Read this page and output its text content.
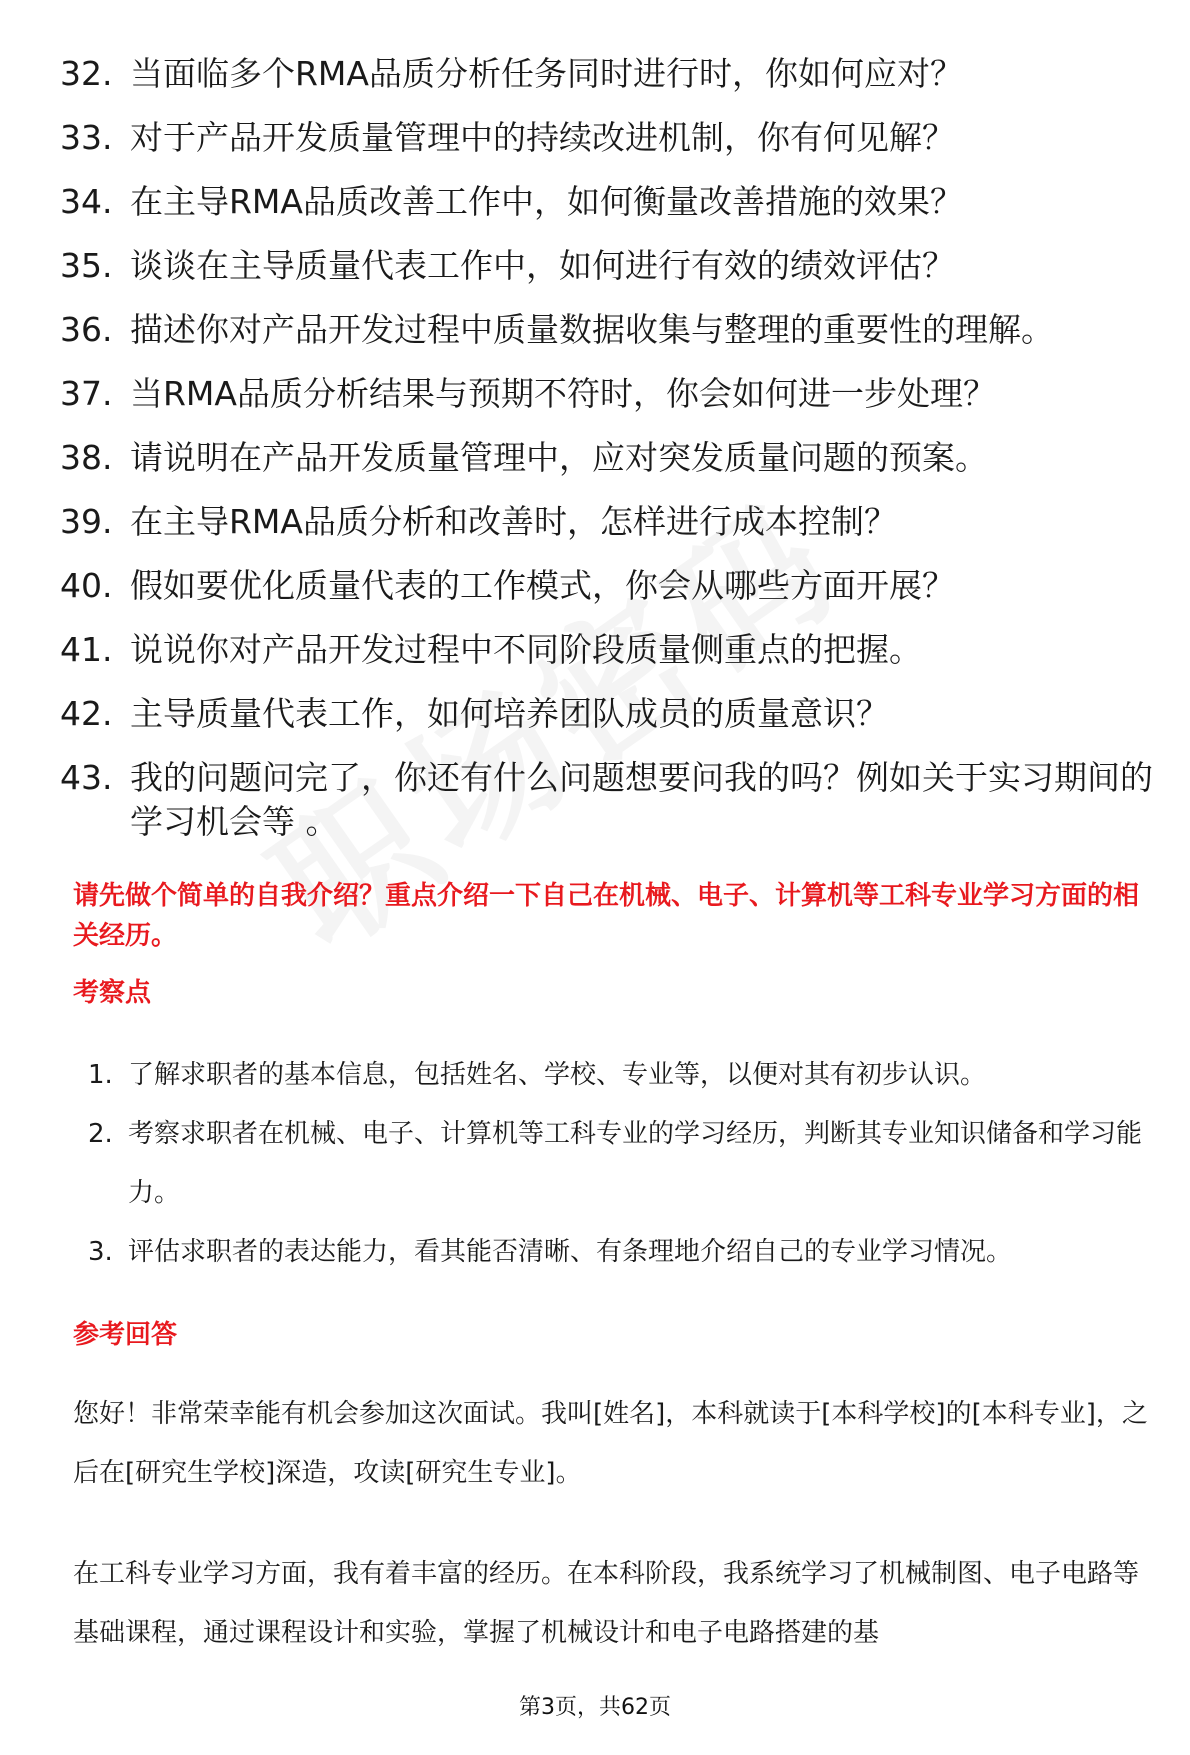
32. 当面临多个RMA品质分析任务同时进行时，你如何应对？
33. 对于产品开发质量管理中的持续改进机制，你有何见解？
34. 在主导RMA品质改善工作中，如何衡量改善措施的效果？
35. 谈谈在主导质量代表工作中，如何进行有效的绩效评估？
36. 描述你对产品开发过程中质量数据收集与整理的重要性的理解。
37. 当RMA品质分析结果与预期不符时，你会如何进一步处理？
38. 请说明在产品开发质量管理中，应对突发质量问题的预案。
39. 在主导RMA品质分析和改善时，怎样进行成本控制？
40. 假如要优化质量代表的工作模式，你会从哪些方面开展？
41. 说说你对产品开发过程中不同阶段质量侧重点的把握。
42. 主导质量代表工作，如何培养团队成员的质量意识？
43. 我的问题问完了，你还有什么问题想要问我的吗？例如关于实习期间的学习机会等 。
请先做个简单的自我介绍？重点介绍一下自己在机械、电子、计算机等工科专业学习方面的相关经历。
考察点
1. 了解求职者的基本信息，包括姓名、学校、专业等，以便对其有初步认识。
2. 考察求职者在机械、电子、计算机等工科专业的学习经历，判断其专业知识储备和学习能力。
3. 评估求职者的表达能力，看其能否清晰、有条理地介绍自己的专业学习情况。
参考回答

您好！非常荣幸能有机会参加这次面试。我叫[姓名]，本科就读于[本科学校]的[本科专业]，之后在[研究生学校]深造，攻读[研究生专业]。

在工科专业学习方面，我有着丰富的经历。在本科阶段，我系统学习了机械制图、电子电路等基础课程，通过课程设计和实验，掌握了机械设计和电子电路搭建的基

第3页，共62页
